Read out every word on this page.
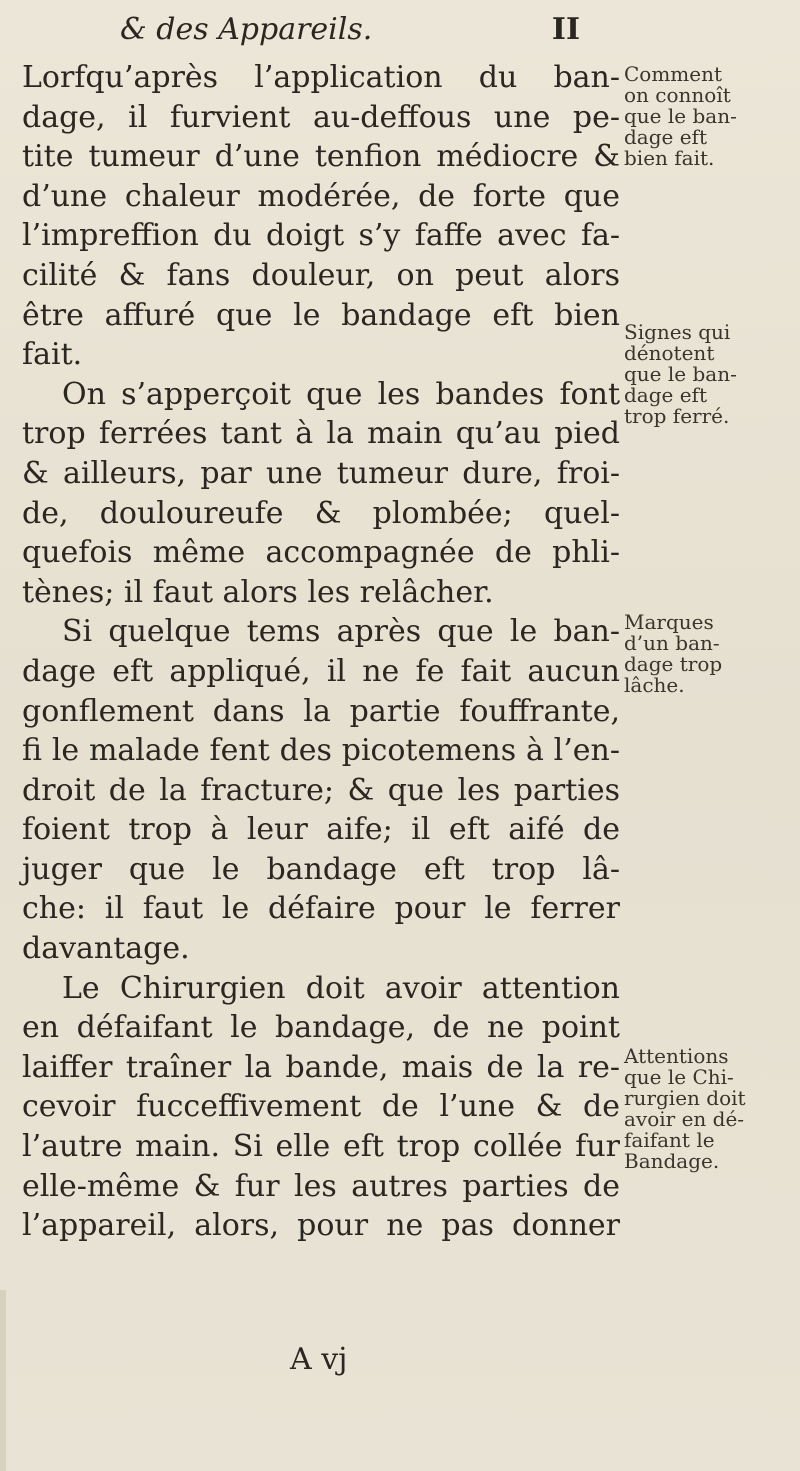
& des Appareils.	II
Lorfqu’après l’application du ban-
dage, il furvient au-deffous une pe-
tite tumeur d’une tenfion médiocre &
d’une chaleur modérée, de forte que
l’impreffion du doigt s’y faffe avec fa-
cilité & fans douleur, on peut alors
être affuré que le bandage eft bien
fait.
On s’apperçoit que les bandes font
trop ferrées tant à la main qu’au pied
& ailleurs, par une tumeur dure, froi-
de, douloureufe & plombée; quel-
quefois même accompagnée de phli-
tènes; il faut alors les relâcher.
Si quelque tems après que le ban-
dage eft appliqué, il ne fe fait aucun
gonflement dans la partie fouffrante,
fi le malade fent des picotemens à l’en-
droit de la fracture; & que les parties
foient trop à leur aife; il eft aifé de
juger que le bandage eft trop lâ-
che: il faut le défaire pour le ferrer
davantage.
Le Chirurgien doit avoir attention
en défaifant le bandage, de ne point
laiffer traîner la bande, mais de la re-
cevoir fucceffivement de l’une & de
l’autre main. Si elle eft trop collée fur
elle-même & fur les autres parties de
l’appareil, alors, pour ne pas donner
A vj
Comment
on connoît
que le ban-
dage eft
bien fait.
Signes qui
dénotent
que le ban-
dage eft
trop ferré.
Marques
d’un ban-
dage trop
lâche.
Attentions
que le Chi-
rurgien doit
avoir en dé-
faifant le
Bandage.
